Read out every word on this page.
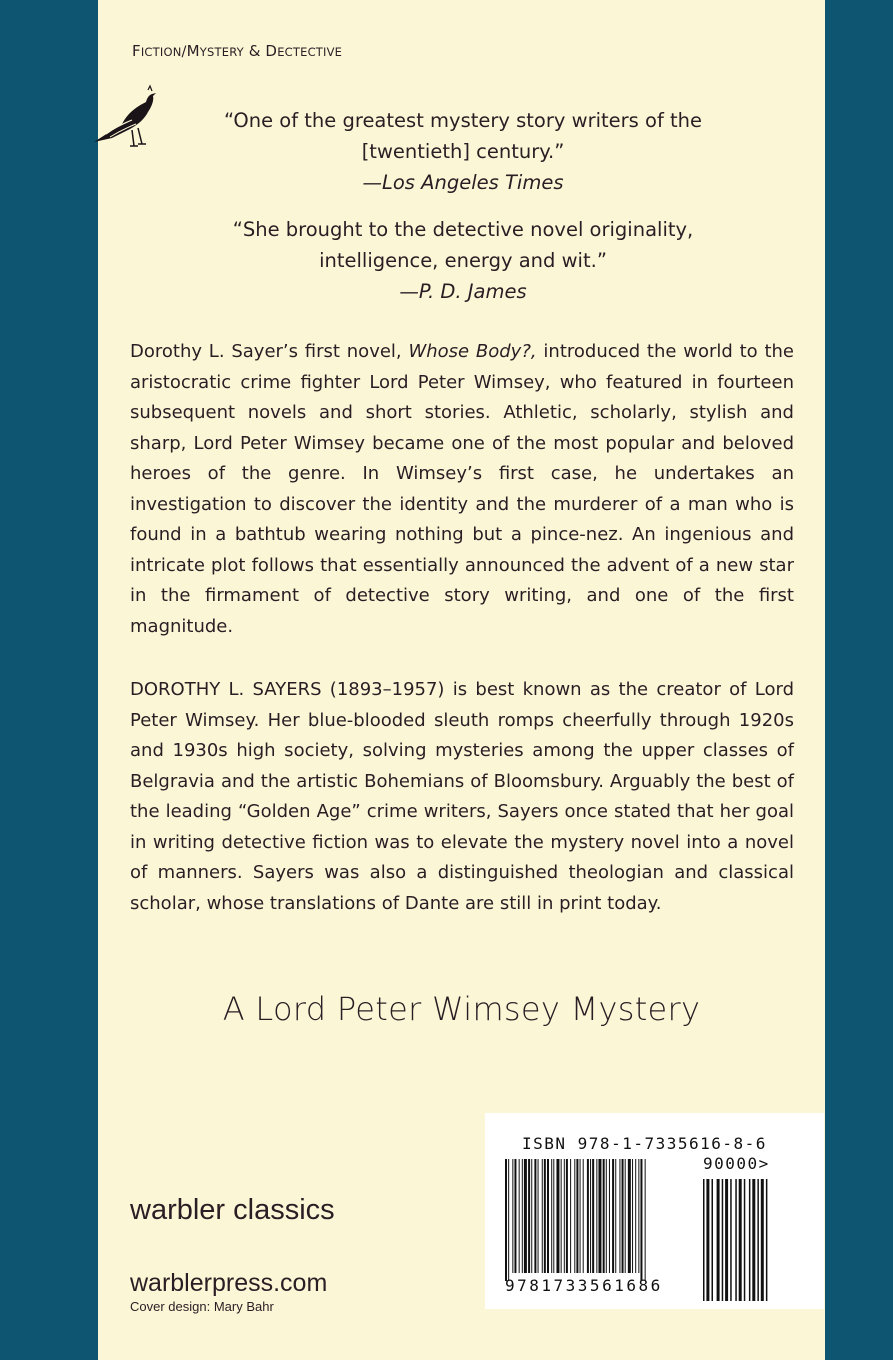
FICTION/MYSTERY & DECTECTIVE
“One of the greatest mystery story writers of the
[twentieth] century.”
—Los Angeles Times
“She brought to the detective novel originality,
intelligence, energy and wit.”
—P. D. James
Dorothy L. Sayer’s first novel, Whose Body?, introduced the world to the aristocratic crime fighter Lord Peter Wimsey, who featured in fourteen subsequent novels and short stories. Athletic, scholarly, stylish and sharp, Lord Peter Wimsey became one of the most popular and beloved heroes of the genre. In Wimsey’s first case, he undertakes an investigation to discover the identity and the murderer of a man who is found in a bathtub wearing nothing but a pince-nez. An ingenious and intricate plot follows that essentially announced the advent of a new star in the firmament of detective story writing, and one of the first magnitude.
DOROTHY L. SAYERS (1893–1957) is best known as the creator of Lord Peter Wimsey. Her blue-blooded sleuth romps cheerfully through 1920s and 1930s high society, solving mysteries among the upper classes of Belgravia and the artistic Bohemians of Bloomsbury. Arguably the best of the leading “Golden Age” crime writers, Sayers once stated that her goal in writing detective fiction was to elevate the mystery novel into a novel of manners. Sayers was also a distinguished theologian and classical scholar, whose translations of Dante are still in print today.
A Lord Peter Wimsey Mystery
warbler classics
warblerpress.com
Cover design: Mary Bahr
ISBN 978-1-7335616-8-6
90000>
9781733561686
